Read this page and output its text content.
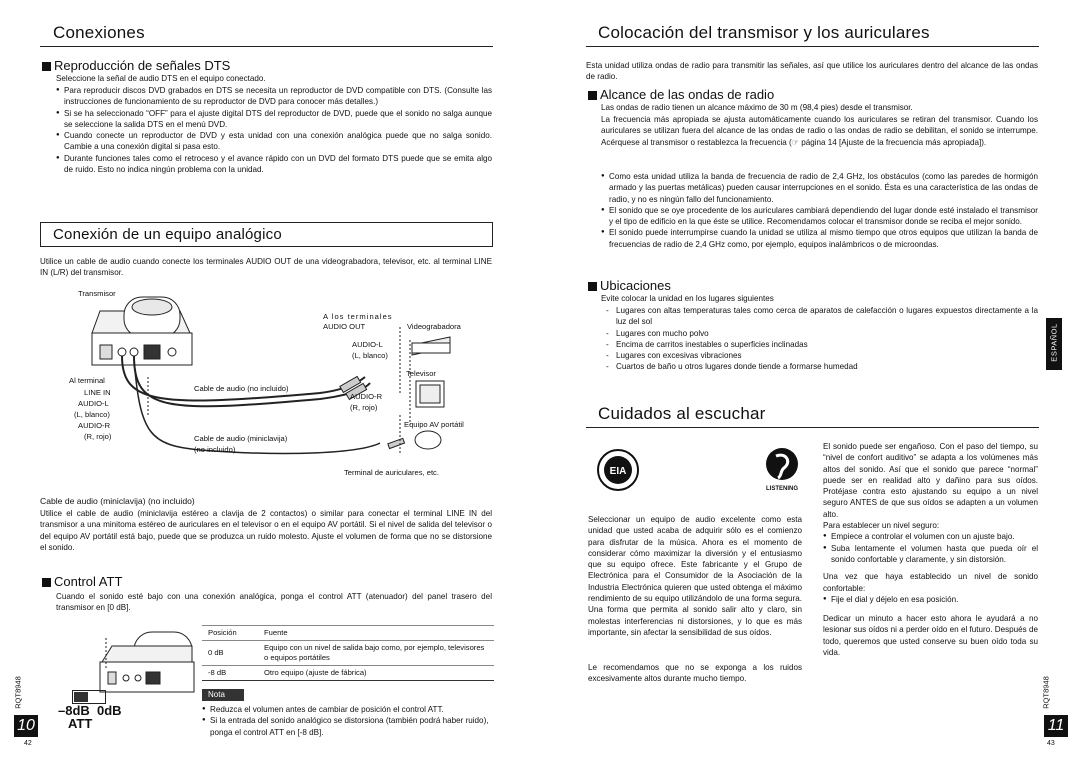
Conexiones
Reproducción de señales DTS
Seleccione la señal de audio DTS en el equipo conectado.
● Para reproducir discos DVD grabados en DTS se necesita un reproductor de DVD compatible con DTS. (Consulte las instrucciones de funcionamiento de su reproductor de DVD para conocer más detalles.)
● Si se ha seleccionado “OFF” para el ajuste digital DTS del reproductor de DVD, puede que el sonido no salga aunque se seleccione la salida DTS en el menú DVD.
● Cuando conecte un reproductor de DVD y esta unidad con una conexión analógica puede que no salga sonido. Cambie a una conexión digital si pasa esto.
● Durante funciones tales como el retroceso y el avance rápido con un DVD del formato DTS puede que se emita algo de ruido. Esto no indica ningún problema con la unidad.
Conexión de un equipo analógico
Utilice un cable de audio cuando conecte los terminales AUDIO OUT de una videograbadora, televisor, etc. al terminal LINE IN (L/R) del transmisor.
Transmisor
A los terminales
AUDIO OUT	Videograbadora
AUDIO-L
(L, blanco)
Al terminal
LINE IN
AUDIO-L
(L, blanco)
AUDIO-R
(R, rojo)
Cable de audio (no incluido)
Televisor
AUDIO-R
(R, rojo)
Equipo AV portátil
Cable de audio (miniclavija)
(no incluido)
Terminal de auriculares, etc.
Cable de audio (miniclavija) (no incluido)
Utilice el cable de audio (miniclavija estéreo a clavija de 2 contactos) o similar para conectar el terminal LINE IN del transmisor a una minitoma estéreo de auriculares en el televisor o en el equipo AV portátil. Si el nivel de salida del televisor o del equipo AV portátil está bajo, puede que se produzca un ruido molesto. Ajuste el volumen de forma que no se distorsione el sonido.
Control ATT
Cuando el sonido esté bajo con una conexión analógica, ponga el control ATT (atenuador) del panel trasero del transmisor en [0 dB].
–8dB  0dB
ATT
Posición	Fuente
0 dB	Equipo con un nivel de salida bajo como, por ejemplo, televisores o equipos portátiles
-8 dB	Otro equipo (ajuste de fábrica)
Nota
● Reduzca el volumen antes de cambiar de posición el control ATT.
● Si la entrada del sonido analógico se distorsiona (también podrá haber ruido), ponga el control ATT en [-8 dB].
10
42
RQT8948
Colocación del transmisor y los auriculares
Esta unidad utiliza ondas de radio para transmitir las señales, así que utilice los auriculares dentro del alcance de las ondas de radio.
Alcance de las ondas de radio
Las ondas de radio tienen un alcance máximo de 30 m (98,4 pies) desde el transmisor.
La frecuencia más apropiada se ajusta automáticamente cuando los auriculares se retiran del transmisor. Cuando los auriculares se utilizan fuera del alcance de las ondas de radio o las ondas de radio se debilitan, el sonido se interrumpe. Acérquese al transmisor o restablezca la frecuencia (☞ página 14 [Ajuste de la frecuencia más apropiada]).
● Como esta unidad utiliza la banda de frecuencia de radio de 2,4 GHz, los obstáculos (como las paredes de hormigón armado y las puertas metálicas) pueden causar interrupciones en el sonido. Ésta es una característica de las ondas de radio, y no es ningún fallo del funcionamiento.
● El sonido que se oye procedente de los auriculares cambiará dependiendo del lugar donde esté instalado el transmisor y el tipo de edificio en la que éste se utilice. Recomendamos colocar el transmisor donde se reciba el mejor sonido.
● El sonido puede interrumpirse cuando la unidad se utiliza al mismo tiempo que otros equipos que utilizan la banda de frecuencias de radio de 2,4 GHz como, por ejemplo, equipos inalámbricos o de microondas.
Ubicaciones
Evite colocar la unidad en los lugares siguientes
- Lugares con altas temperaturas tales como cerca de aparatos de calefacción o lugares expuestos directamente a la luz del sol
- Lugares con mucho polvo
- Encima de carritos inestables o superficies inclinadas
- Lugares con excesivas vibraciones
- Cuartos de baño u otros lugares donde tiende a formarse humedad
ESPAÑOL
Cuidados al escuchar
EIA
LISTENING
Seleccionar un equipo de audio excelente como esta unidad que usted acaba de adquirir sólo es el comienzo para disfrutar de la música. Ahora es el momento de considerar cómo maximizar la diversión y el entusiasmo que su equipo ofrece. Este fabricante y el Grupo de Electrónica para el Consumidor de la Asociación de la Industria Electrónica quieren que usted obtenga el máximo rendimiento de su equipo utilizándolo de una forma segura. Una forma que permita al sonido salir alto y claro, sin molestas interferencias ni distorsiones, y lo que es más importante, sin afectar la sensibilidad de sus oídos.
Le recomendamos que no se exponga a los ruidos excesivamente altos durante mucho tiempo.
El sonido puede ser engañoso. Con el paso del tiempo, su “nivel de confort auditivo” se adapta a los volúmenes más altos del sonido. Así que el sonido que parece “normal” puede ser en realidad alto y dañino para sus oídos. Protéjase contra esto ajustando su equipo a un nivel seguro ANTES de que sus oídos se adapten a un volumen alto.
Para establecer un nivel seguro:
● Empiece a controlar el volumen con un ajuste bajo.
● Suba lentamente el volumen hasta que pueda oír el sonido confortable y claramente, y sin distorsión.
Una vez que haya establecido un nivel de sonido confortable:
● Fije el dial y déjelo en esa posición.
Dedicar un minuto a hacer esto ahora le ayudará a no lesionar sus oídos ni a perder oído en el futuro. Después de todo, queremos que usted conserve su buen oído toda su vida.
11
43
RQT8948
